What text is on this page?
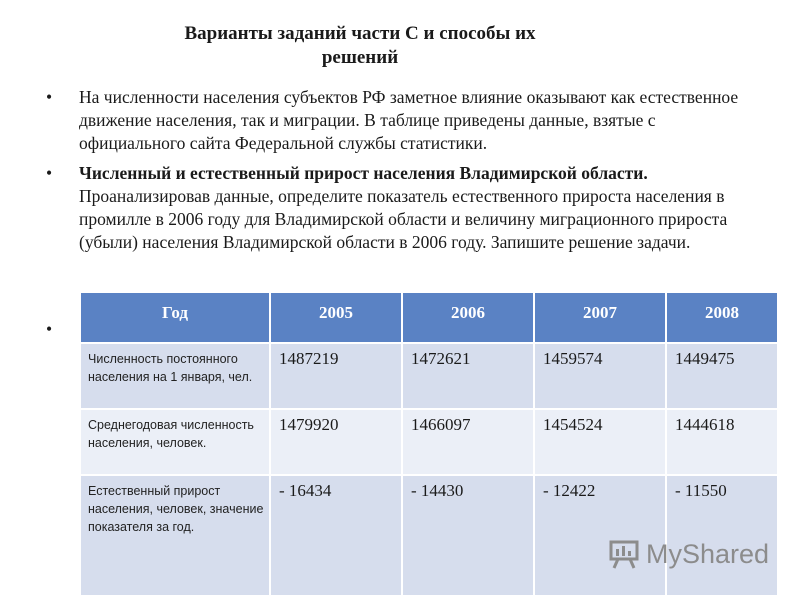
Варианты заданий части С и способы их решений
• На численности населения субъектов РФ заметное влияние оказывают как естественное движение населения, так и миграции. В таблице приведены данные, взятые с официального сайта Федеральной службы статистики.
• Численный и естественный прирост населения Владимирской области. Проанализировав данные, определите показатель естественного прироста населения в промилле в 2006 году для Владимирской области и величину миграционного прироста (убыли) населения Владимирской области в 2006 году. Запишите решение задачи.
•
Год	2005	2006	2007	2008
Численность постоянного населения на 1 января, чел.	1487219	1472621	1459574	1449475
Среднегодовая численность населения, человек.	1479920	1466097	1454524	1444618
Естественный прирост населения, человек, значение показателя за год.	- 16434	- 14430	- 12422	- 11550
MyShared
